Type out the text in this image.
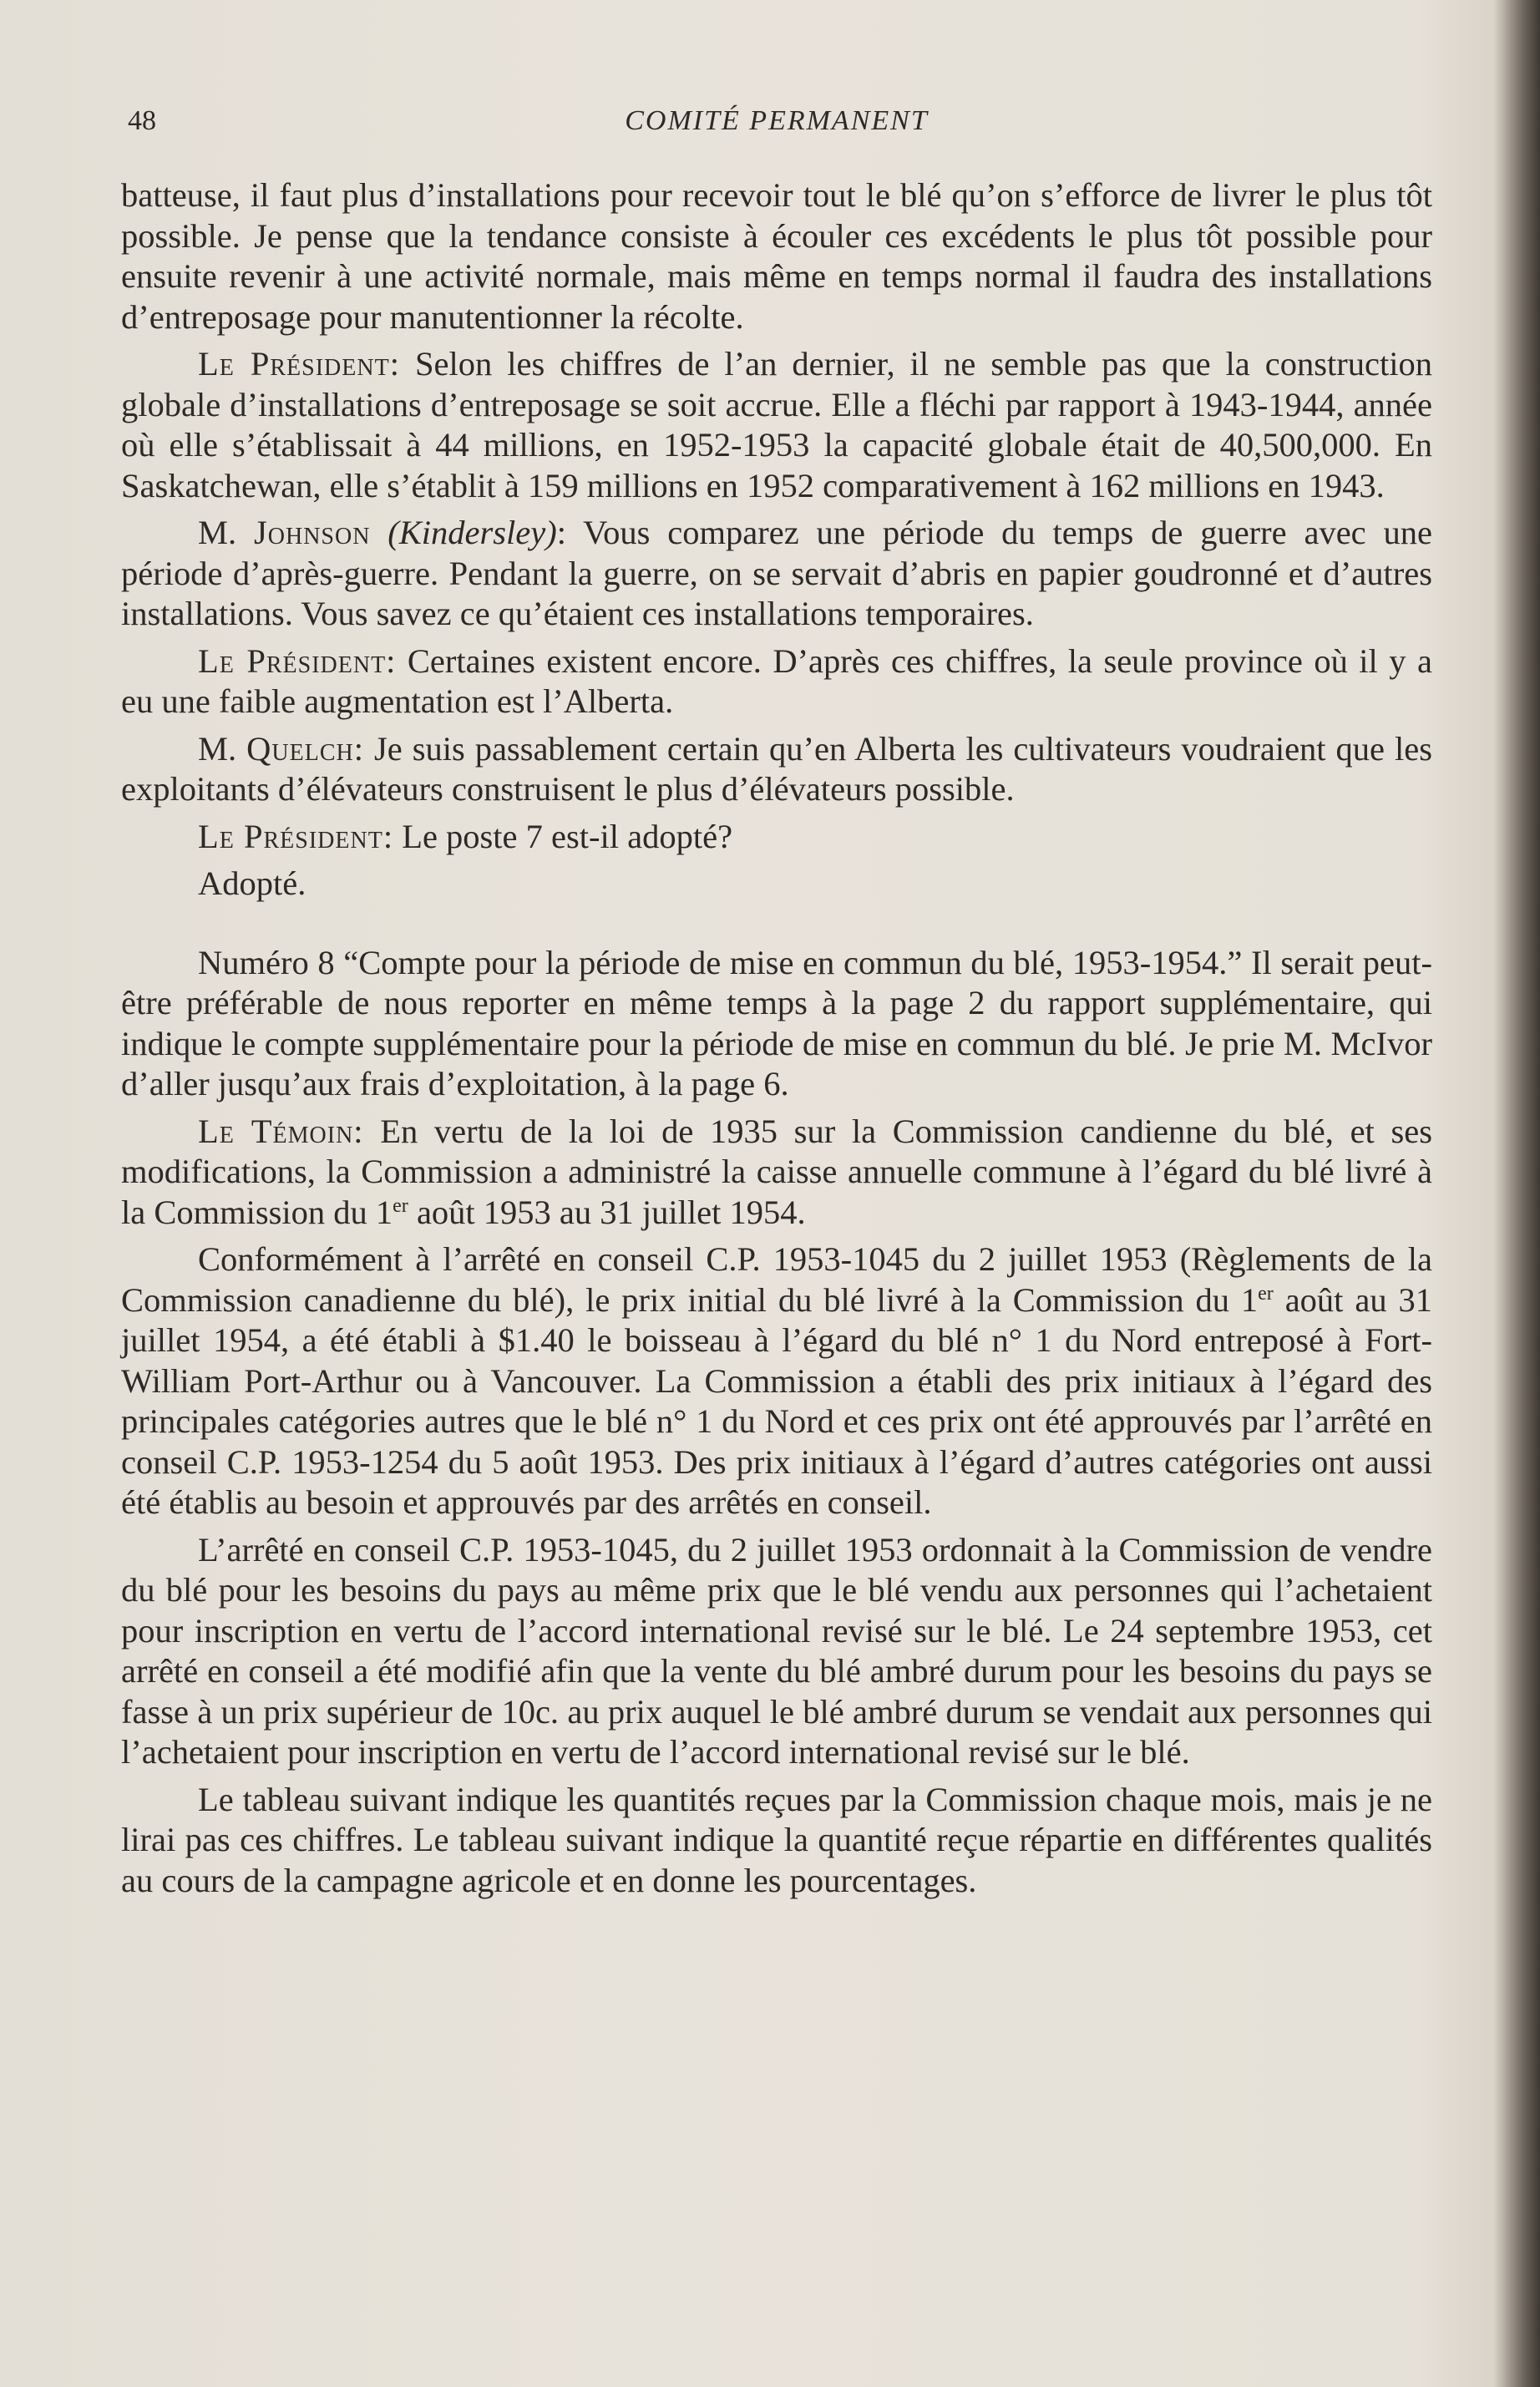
48	COMITÉ PERMANENT

batteuse, il faut plus d’installations pour recevoir tout le blé qu’on s’efforce de livrer le plus tôt possible. Je pense que la tendance consiste à écouler ces excédents le plus tôt possible pour ensuite revenir à une activité normale, mais même en temps normal il faudra des installations d’entreposage pour manutentionner la récolte.

Le Président: Selon les chiffres de l’an dernier, il ne semble pas que la construction globale d’installations d’entreposage se soit accrue. Elle a fléchi par rapport à 1943-1944, année où elle s’établissait à 44 millions, en 1952-1953 la capacité globale était de 40,500,000. En Saskatchewan, elle s’établit à 159 millions en 1952 comparativement à 162 millions en 1943.

M. Johnson (Kindersley): Vous comparez une période du temps de guerre avec une période d’après-guerre. Pendant la guerre, on se servait d’abris en papier goudronné et d’autres installations. Vous savez ce qu’étaient ces installations temporaires.

Le Président: Certaines existent encore. D’après ces chiffres, la seule province où il y a eu une faible augmentation est l’Alberta.

M. Quelch: Je suis passablement certain qu’en Alberta les cultivateurs voudraient que les exploitants d’élévateurs construisent le plus d’élévateurs possible.

Le Président: Le poste 7 est-il adopté?

Adopté.

Numéro 8 “Compte pour la période de mise en commun du blé, 1953-1954.” Il serait peut-être préférable de nous reporter en même temps à la page 2 du rapport supplémentaire, qui indique le compte supplémentaire pour la période de mise en commun du blé. Je prie M. McIvor d’aller jusqu’aux frais d’exploitation, à la page 6.

Le Témoin: En vertu de la loi de 1935 sur la Commission candienne du blé, et ses modifications, la Commission a administré la caisse annuelle commune à l’égard du blé livré à la Commission du 1er août 1953 au 31 juillet 1954.

Conformément à l’arrêté en conseil C.P. 1953-1045 du 2 juillet 1953 (Règlements de la Commission canadienne du blé), le prix initial du blé livré à la Commission du 1er août au 31 juillet 1954, a été établi à $1.40 le boisseau à l’égard du blé n° 1 du Nord entreposé à Fort-William Port-Arthur ou à Vancouver. La Commission a établi des prix initiaux à l’égard des principales catégories autres que le blé n° 1 du Nord et ces prix ont été approuvés par l’arrêté en conseil C.P. 1953-1254 du 5 août 1953. Des prix initiaux à l’égard d’autres catégories ont aussi été établis au besoin et approuvés par des arrêtés en conseil.

L’arrêté en conseil C.P. 1953-1045, du 2 juillet 1953 ordonnait à la Commission de vendre du blé pour les besoins du pays au même prix que le blé vendu aux personnes qui l’achetaient pour inscription en vertu de l’accord international revisé sur le blé. Le 24 septembre 1953, cet arrêté en conseil a été modifié afin que la vente du blé ambré durum pour les besoins du pays se fasse à un prix supérieur de 10c. au prix auquel le blé ambré durum se vendait aux personnes qui l’achetaient pour inscription en vertu de l’accord international revisé sur le blé.

Le tableau suivant indique les quantités reçues par la Commission chaque mois, mais je ne lirai pas ces chiffres. Le tableau suivant indique la quantité reçue répartie en différentes qualités au cours de la campagne agricole et en donne les pourcentages.
